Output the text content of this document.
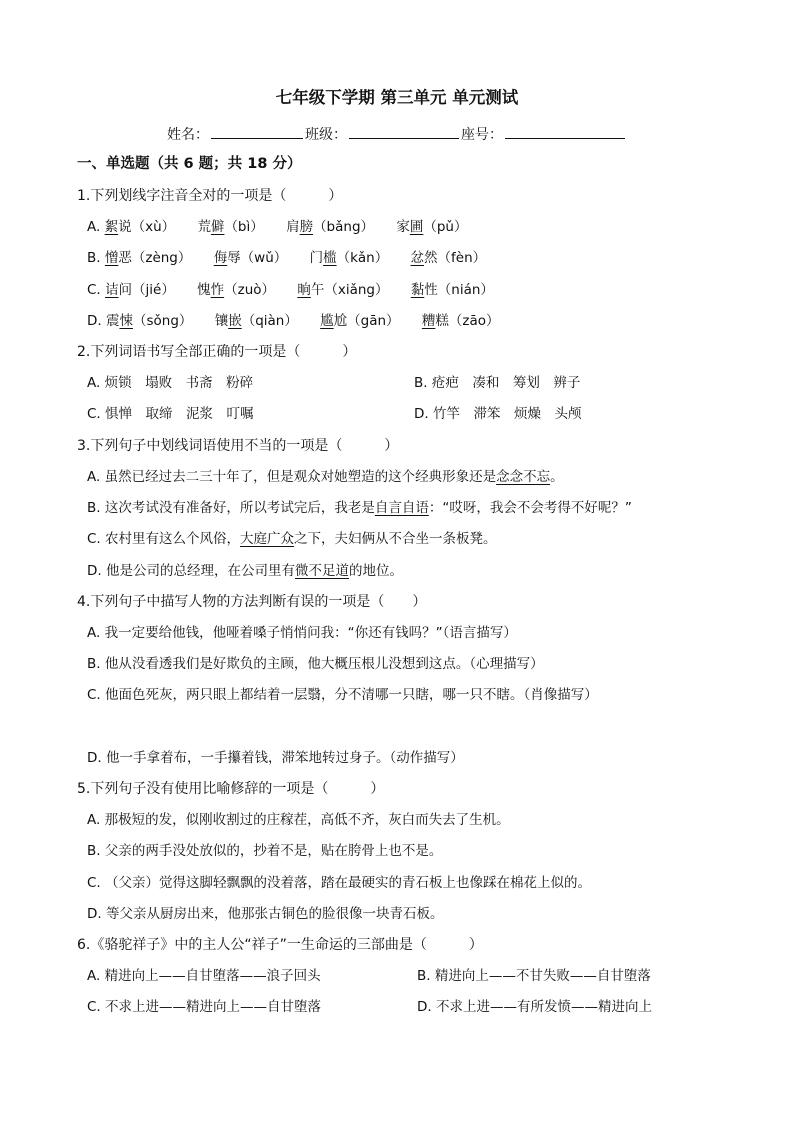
七年级下学期 第三单元 单元测试
姓名：	班级：	座号：
一、单选题（共 6 题；共 18 分）
1.下列划线字注音全对的一项是（　　　）
A. 絮说（xù） 荒僻（bì） 肩膀（bǎng） 家圃（pǔ）
B. 憎恶（zèng） 侮辱（wǔ） 门槛（kǎn） 忿然（fèn）
C. 诘问（jié） 愧怍（zuò） 晌午（xiǎng） 黏性（nián）
D. 震悚（sǒng） 镶嵌（qiàn） 尴尬（gān） 糟糕（zāo）
2.下列词语书写全部正确的一项是（　　　）
A. 烦锁　塌败　书斋　粉碎	B. 疮疤　凑和　筹划　辨子
C. 惧惮　取缔　泥浆　叮嘱	D. 竹竿　滞笨　烦燥　头颅
3.下列句子中划线词语使用不当的一项是（　　　）
A. 虽然已经过去二三十年了，但是观众对她塑造的这个经典形象还是念念不忘。
B. 这次考试没有准备好，所以考试完后，我老是自言自语：“哎呀，我会不会考得不好呢？”
C. 农村里有这么个风俗，大庭广众之下，夫妇俩从不合坐一条板凳。
D. 他是公司的总经理，在公司里有微不足道的地位。
4.下列句子中描写人物的方法判断有误的一项是（　　）
A. 我一定要给他钱，他哑着嗓子悄悄问我：“你还有钱吗？”（语言描写）
B. 他从没看透我们是好欺负的主顾，他大概压根儿没想到这点。（心理描写）
C. 他面色死灰，两只眼上都结着一层翳，分不清哪一只瞎，哪一只不瞎。（肖像描写）
D. 他一手拿着布，一手攥着钱，滞笨地转过身子。（动作描写）
5.下列句子没有使用比喻修辞的一项是（　　　）
A. 那极短的发，似刚收割过的庄稼茬，高低不齐，灰白而失去了生机。
B. 父亲的两手没处放似的，抄着不是，贴在胯骨上也不是。
C. （父亲）觉得这脚轻飘飘的没着落，踏在最硬实的青石板上也像踩在棉花上似的。
D. 等父亲从厨房出来，他那张古铜色的脸很像一块青石板。
6.《骆驼祥子》中的主人公“祥子”一生命运的三部曲是（　　　）
A. 精进向上——自甘堕落——浪子回头	B. 精进向上——不甘失败——自甘堕落
C. 不求上进——精进向上——自甘堕落	D. 不求上进——有所发愤——精进向上
